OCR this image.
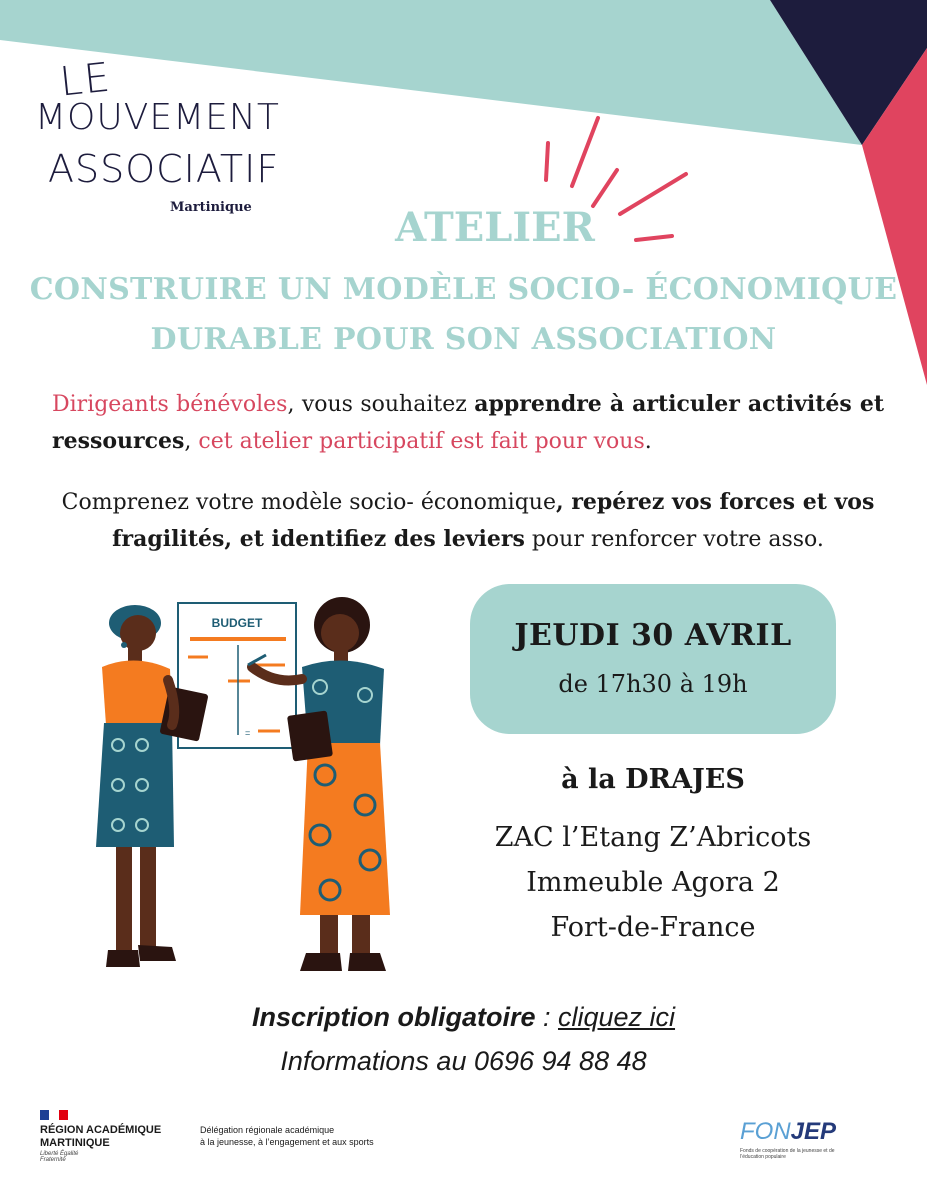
LE
MOUVEMENT
ASSOCIATIF
Martinique	ATELIER
CONSTRUIRE UN MODÈLE SOCIO- ÉCONOMIQUE
DURABLE POUR SON ASSOCIATION
Dirigeants bénévoles, vous souhaitez apprendre à articuler activités et ressources, cet atelier participatif est fait pour vous.
Comprenez votre modèle socio- économique, repérez vos forces et vos fragilités, et identifiez des leviers pour renforcer votre asso.
BUDGET
=
JEUDI 30 AVRIL
de 17h30 à 19h
à la DRAJES
ZAC l’Etang Z’Abricots
Immeuble Agora 2
Fort-de-France
Inscription obligatoire : cliquez ici
Informations au 0696 94 88 48
RÉGION ACADÉMIQUE
MARTINIQUE
Liberté Égalité Fraternité
Délégation régionale académique
à la jeunesse, à l’engagement et aux sports	FONJEP
Fonds de coopération de la jeunesse et de l’éducation populaire
